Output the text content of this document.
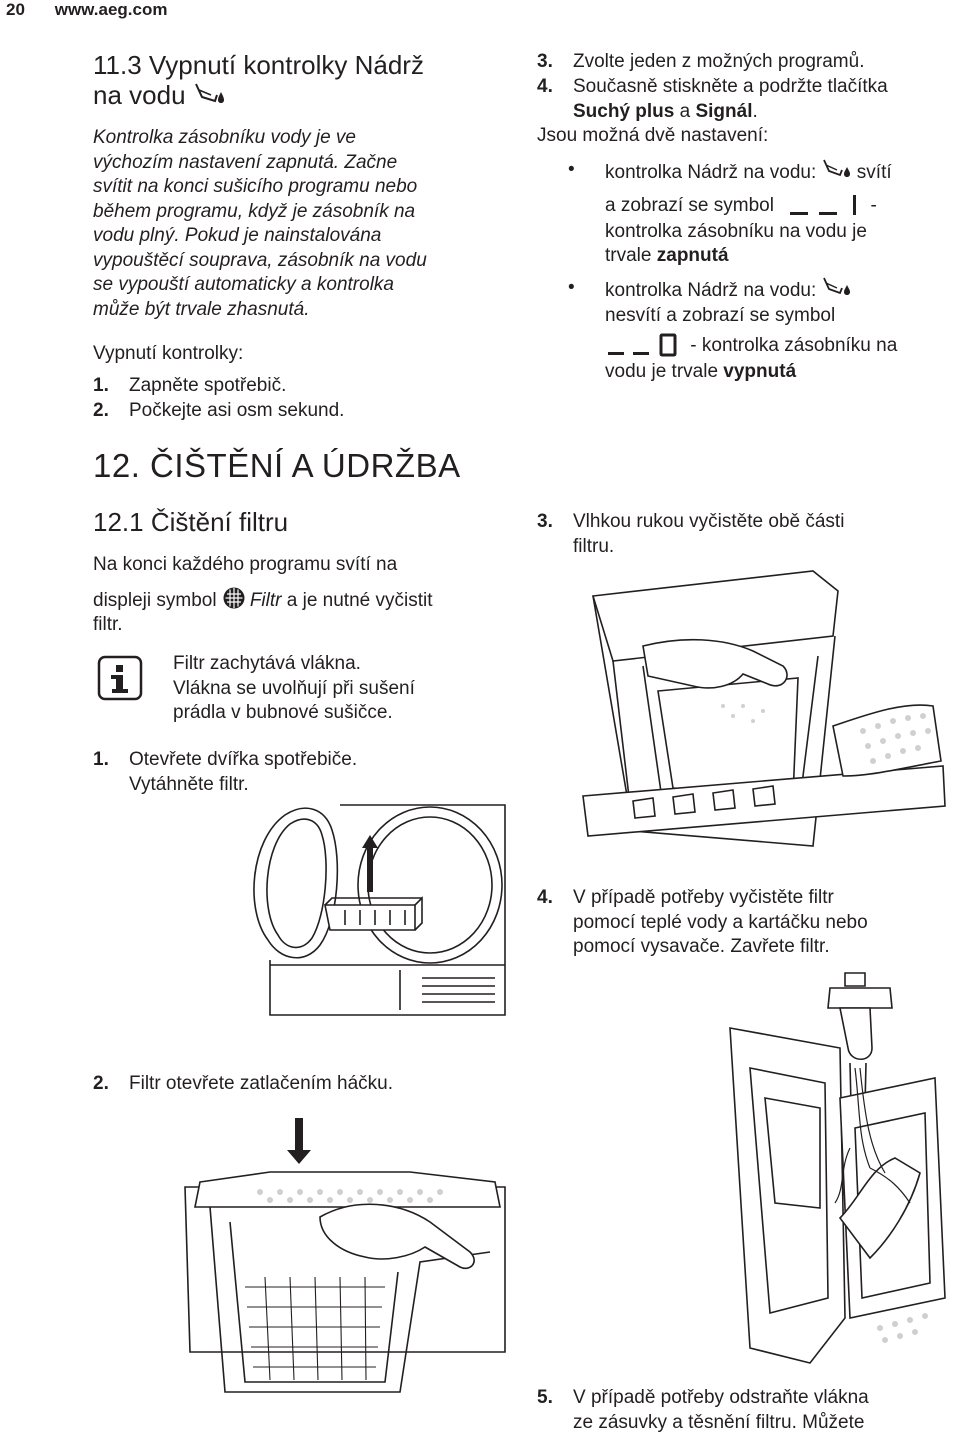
20 www.aeg.com
11.3 Vypnutí kontrolky Nádrž
na vodu
Kontrolka zásobníku vody je ve
výchozím nastavení zapnutá. Začne
svítit na konci sušicího programu nebo
během programu, když je zásobník na
vodu plný. Pokud je nainstalována
vypouštěcí souprava, zásobník na vodu
se vypouští automaticky a kontrolka
může být trvale zhasnutá.
Vypnutí kontrolky:
1. Zapněte spotřebič.
2. Počkejte asi osm sekund.
3. Zvolte jeden z možných programů.
4. Současně stiskněte a podržte tlačítka
Suchý plus a Signál.
Jsou možná dvě nastavení:
• kontrolka Nádrž na vodu:
svítí
a zobrazí se symbol	-
kontrolka zásobníku na vodu je
trvale zapnutá
• kontrolka Nádrž na vodu:

nesvítí a zobrazí se symbol
- kontrolka zásobníku na
vodu je trvale vypnutá
12. ČIŠTĚNÍ A ÚDRŽBA
12.1 Čištění filtru
Na konci každého programu svítí na
displeji symbol
Filtr a je nutné vyčistit
filtr.
Filtr zachytává vlákna.
Vlákna se uvolňují při sušení
prádla v bubnové sušičce.
1. Otevřete dvířka spotřebiče.
Vytáhněte filtr.
2. Filtr otevřete zatlačením háčku.
3. Vlhkou rukou vyčistěte obě části
filtru.
4. V případě potřeby vyčistěte filtr
pomocí teplé vody a kartáčku nebo
pomocí vysavače. Zavřete filtr.
5. V případě potřeby odstraňte vlákna
ze zásuvky a těsnění filtru. Můžete
